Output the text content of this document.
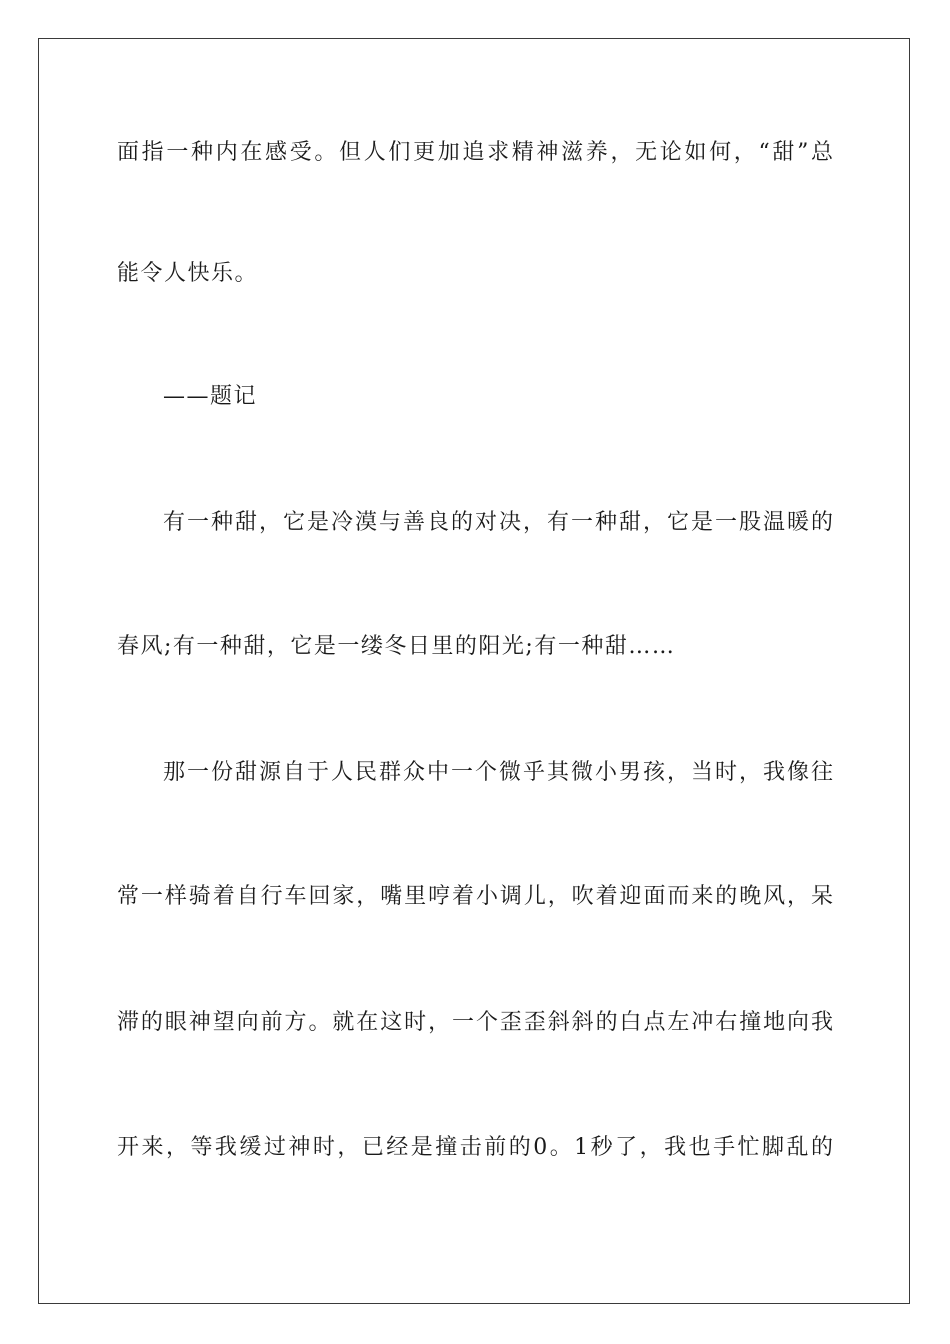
面指一种内在感受。但人们更加追求精神滋养，无论如何，“甜”总
能令人快乐。
——题记
有一种甜，它是冷漠与善良的对决，有一种甜，它是一股温暖的
春风;有一种甜，它是一缕冬日里的阳光;有一种甜……
那一份甜源自于人民群众中一个微乎其微小男孩，当时，我像往
常一样骑着自行车回家，嘴里哼着小调儿，吹着迎面而来的晚风，呆
滞的眼神望向前方。就在这时，一个歪歪斜斜的白点左冲右撞地向我
开来，等我缓过神时，已经是撞击前的0。1秒了，我也手忙脚乱的
